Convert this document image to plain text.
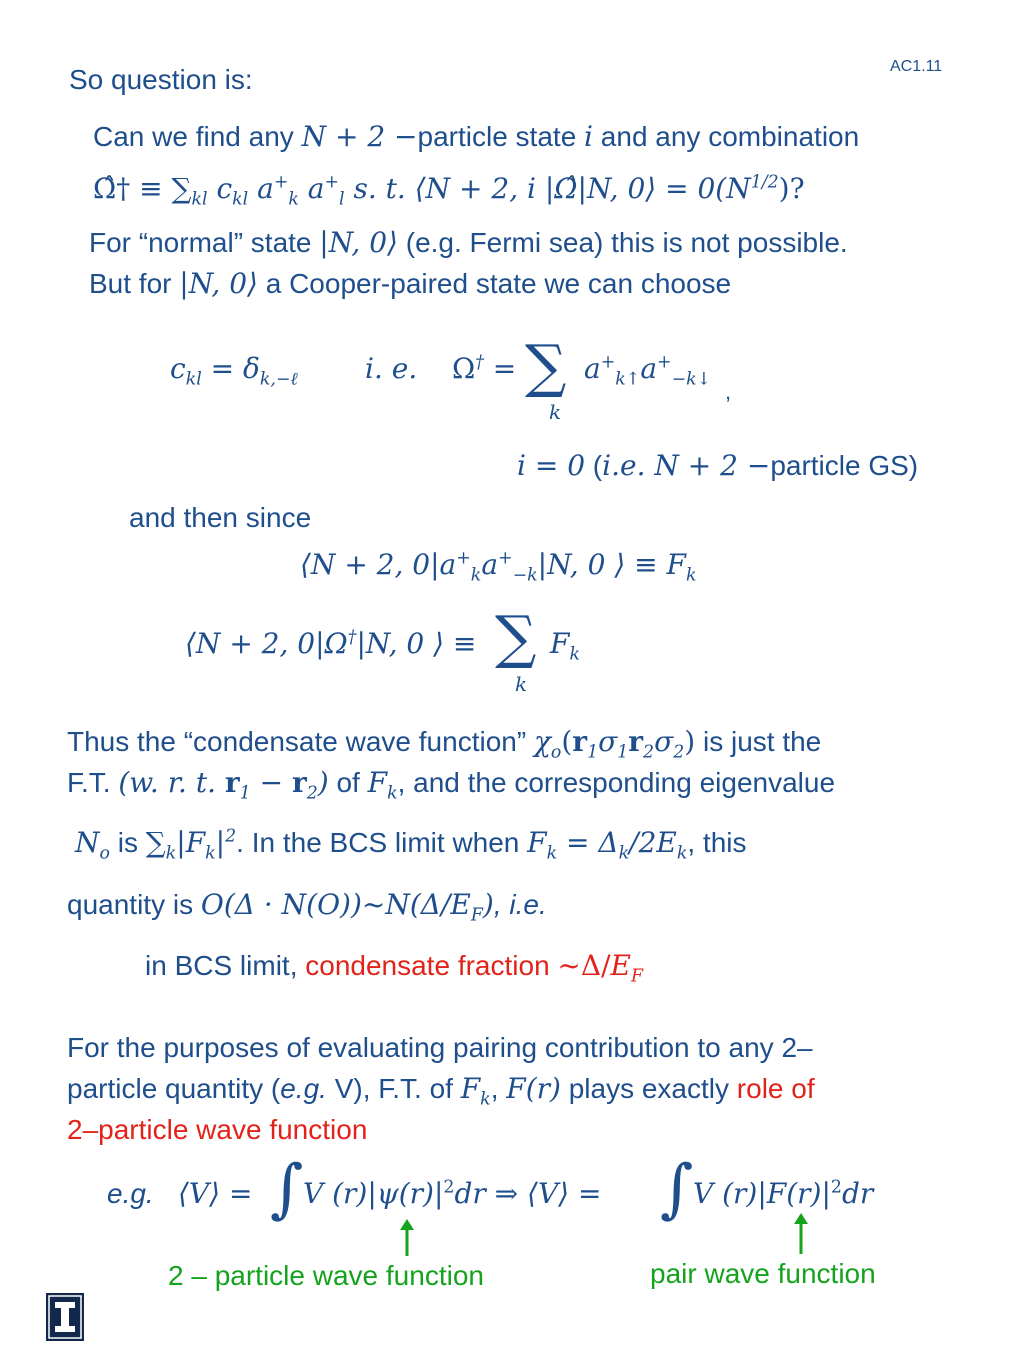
AC1.11
So question is:
Can we find any N + 2 −particle state i and any combination
Ω̂† ≡ $\sum_{kl}$ $c_{kl}$ $a^+_k$ $a^+_l$ s. t. ⟨N + 2, i |Ω̂|N, 0⟩ = $0(N^{1/2})$?
For “normal” state |N, 0⟩ (e.g. Fermi sea) this is not possible.
But for |N, 0⟩ a Cooper-paired state we can choose
$c_{kl} = \delta_{k,-\ell}$ i. e. Ω† = ∑
k
$a^+_{k↑}a^+_{-k↓}$ ,
i = 0 (i.e. N + 2 −particle GS)
and then since
⟨N + 2, $0|a^+_ka^+_{-k}|N$, 0 ⟩ ≡ $F_k$
⟨N + 2, 0|Ω†|N, 0 ⟩ ≡ ∑
k
$F_k$
Thus the “condensate wave function” $\chi_o(r_1\sigma_1r_2\sigma_2)$ is just the
F.T. (w. r. t. $r_1 - r_2$) of $F_k$, and the corresponding eigenvalue
$N_o$ is $\sum_k|F_k|^2$. In the BCS limit when $F_k = \Delta_k/2E_k$, this
quantity is $O(\Delta \cdot N(O))\sim N(\Delta/E_F)$, i.e.
in BCS limit, condensate fraction $\sim\Delta/E_F$
For the purposes of evaluating pairing contribution to any 2–
particle quantity (e.g. V), F.T. of $F_k$, F(r) plays exactly role of
2–particle wave function
e.g. ⟨V⟩ = ∫ V $(r)|\psi(r)|^2dr$ ⇒ ⟨V⟩ = ∫ V $(r)|F(r)|^2dr$
2 – particle wave function	pair wave function
